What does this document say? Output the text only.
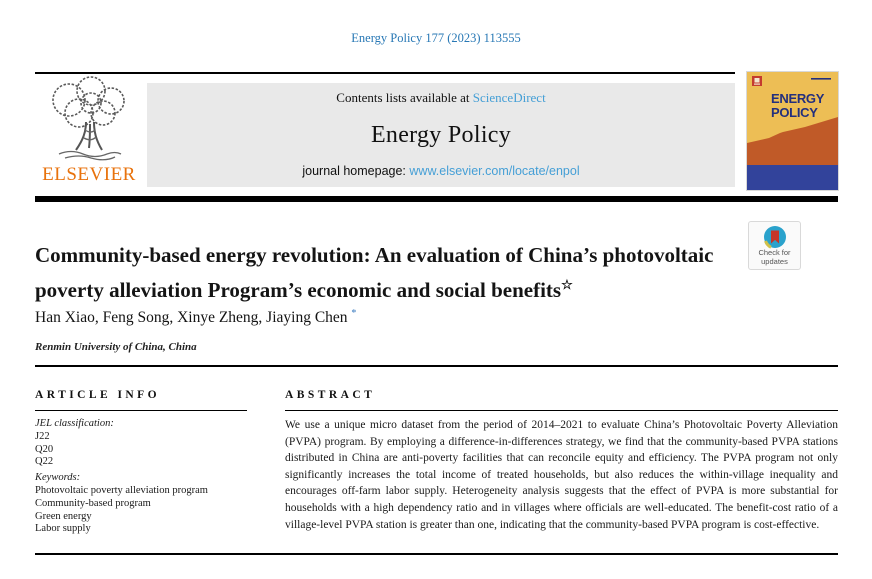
Energy Policy 177 (2023) 113555
ELSEVIER
Contents lists available at ScienceDirect
Energy Policy
journal homepage: www.elsevier.com/locate/enpol
ENERGY
POLICY
Community-based energy revolution: An evaluation of China’s photovoltaic poverty alleviation Program’s economic and social benefits☆
Check for
updates
Han Xiao, Feng Song, Xinye Zheng, Jiaying Chen *
Renmin University of China, China
ARTICLE INFO
JEL classification:
J22
Q20
Q22
Keywords:
Photovoltaic poverty alleviation program
Community-based program
Green energy
Labor supply
ABSTRACT

We use a unique micro dataset from the period of 2014–2021 to evaluate China’s Photovoltaic Poverty Alleviation (PVPA) program. By employing a difference-in-differences strategy, we find that the community-based PVPA stations distributed in China are anti-poverty facilities that can reconcile equity and efficiency. The PVPA program not only significantly increases the total income of treated households, but also reduces the within-village inequality and encourages off-farm labor supply. Heterogeneity analysis suggests that the effect of PVPA is more substantial for households with a high dependency ratio and in villages where officials are well-educated. The benefit-cost ratio of a village-level PVPA station is greater than one, indicating that the community-based PVPA program is cost-effective.
